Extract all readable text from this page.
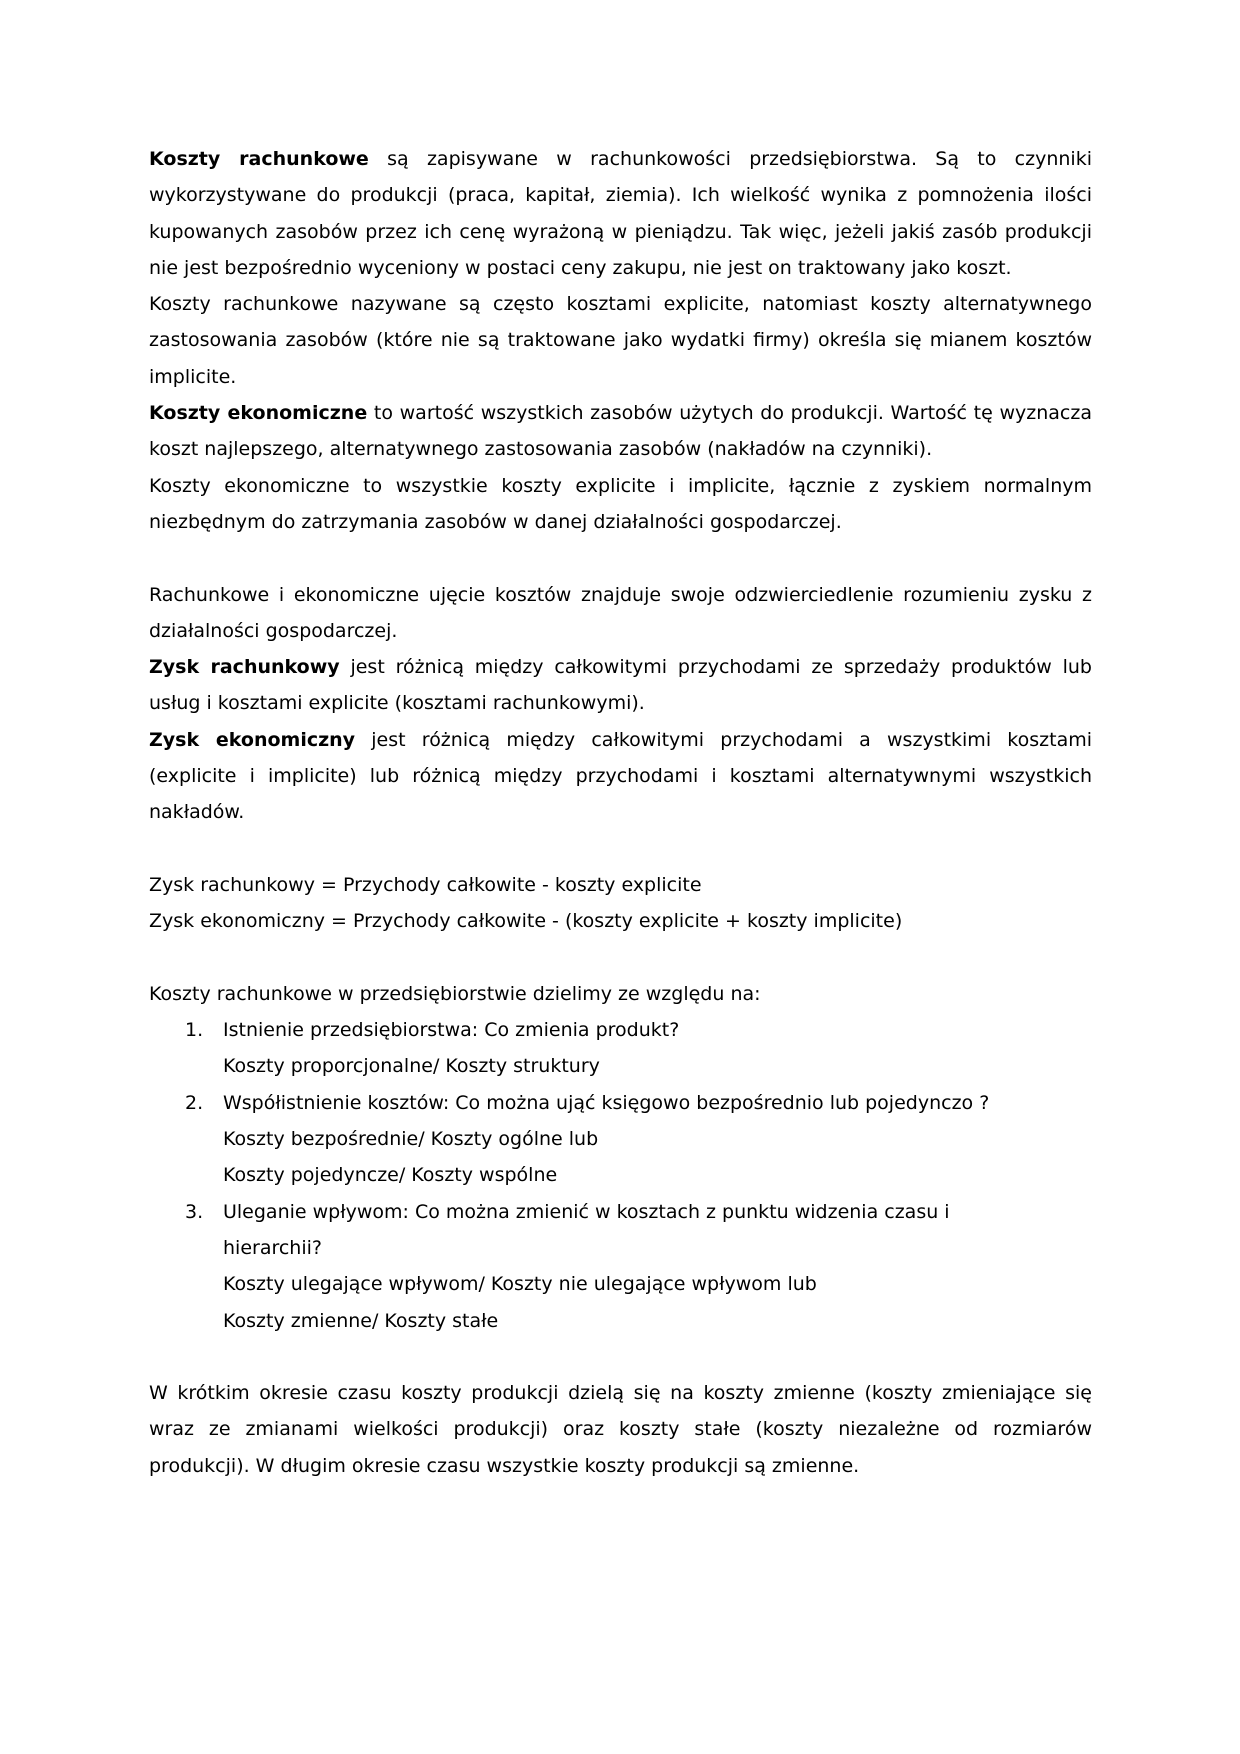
Koszty rachunkowe są zapisywane w rachunkowości przedsiębiorstwa. Są to czynniki wykorzystywane do produkcji (praca, kapitał, ziemia). Ich wielkość wynika z pomnożenia ilości kupowanych zasobów przez ich cenę wyrażoną w pieniądzu. Tak więc, jeżeli jakiś zasób produkcji nie jest bezpośrednio wyceniony w postaci ceny zakupu, nie jest on traktowany jako koszt.

Koszty rachunkowe nazywane są często kosztami explicite, natomiast koszty alternatywnego zastosowania zasobów (które nie są traktowane jako wydatki firmy) określa się mianem kosztów implicite.

Koszty ekonomiczne to wartość wszystkich zasobów użytych do produkcji. Wartość tę wyznacza koszt najlepszego, alternatywnego zastosowania zasobów (nakładów na czynniki).

Koszty ekonomiczne to wszystkie koszty explicite i implicite, łącznie z zyskiem normalnym niezbędnym do zatrzymania zasobów w danej działalności gospodarczej.

Rachunkowe i ekonomiczne ujęcie kosztów znajduje swoje odzwierciedlenie rozumieniu zysku z działalności gospodarczej.

Zysk rachunkowy jest różnicą między całkowitymi przychodami ze sprzedaży produktów lub usług i kosztami explicite (kosztami rachunkowymi).

Zysk ekonomiczny jest różnicą między całkowitymi przychodami a wszystkimi kosztami (explicite i implicite) lub różnicą między przychodami i kosztami alternatywnymi wszystkich nakładów.

Zysk rachunkowy = Przychody całkowite - koszty explicite

Zysk ekonomiczny = Przychody całkowite - (koszty explicite + koszty implicite)

Koszty rachunkowe w przedsiębiorstwie dzielimy ze względu na:

1. Istnienie przedsiębiorstwa: Co zmienia produkt?
Koszty proporcjonalne/ Koszty struktury
2. Współistnienie kosztów: Co można ująć księgowo bezpośrednio lub pojedynczo ?
Koszty bezpośrednie/ Koszty ogólne lub
Koszty pojedyncze/ Koszty wspólne
3. Uleganie wpływom: Co można zmienić w kosztach z punktu widzenia czasu i hierarchii?
Koszty ulegające wpływom/ Koszty nie ulegające wpływom lub
Koszty zmienne/ Koszty stałe

W krótkim okresie czasu koszty produkcji dzielą się na koszty zmienne (koszty zmieniające się wraz ze zmianami wielkości produkcji) oraz koszty stałe (koszty niezależne od rozmiarów produkcji). W długim okresie czasu wszystkie koszty produkcji są zmienne.
